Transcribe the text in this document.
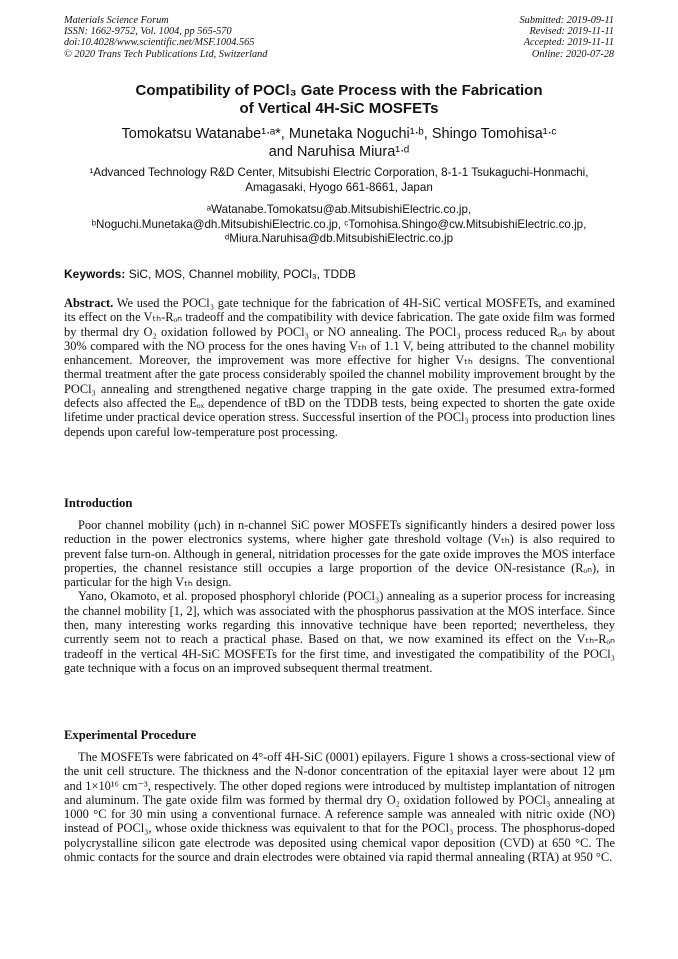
Materials Science Forum
ISSN: 1662-9752, Vol. 1004, pp 565-570
doi:10.4028/www.scientific.net/MSF.1004.565
© 2020 Trans Tech Publications Ltd, Switzerland
Submitted: 2019-09-11
Revised: 2019-11-11
Accepted: 2019-11-11
Online: 2020-07-28
Compatibility of POCl₃ Gate Process with the Fabrication
of Vertical 4H-SiC MOSFETs
Tomokatsu Watanabe¹ᐧᵃ*, Munetaka Noguchi¹ᐧᵇ, Shingo Tomohisa¹ᐧᶜ
and Naruhisa Miura¹ᐧᵈ
¹Advanced Technology R&D Center, Mitsubishi Electric Corporation, 8-1-1 Tsukaguchi-Honmachi,
Amagasaki, Hyogo 661-8661, Japan
ᵃWatanabe.Tomokatsu@ab.MitsubishiElectric.co.jp,
ᵇNoguchi.Munetaka@dh.MitsubishiElectric.co.jp, ᶜTomohisa.Shingo@cw.MitsubishiElectric.co.jp,
ᵈMiura.Naruhisa@db.MitsubishiElectric.co.jp
Keywords: SiC, MOS, Channel mobility, POCl₃, TDDB

Abstract. We used the POCl₃ gate technique for the fabrication of 4H-SiC vertical MOSFETs, and examined its effect on the Vₜₕ-Rₒₙ tradeoff and the compatibility with device fabrication. The gate oxide film was formed by thermal dry O₂ oxidation followed by POCl₃ or NO annealing. The POCl₃ process reduced Rₒₙ by about 30% compared with the NO process for the ones having Vₜₕ of 1.1 V, being attributed to the channel mobility enhancement. Moreover, the improvement was more effective for higher Vₜₕ designs. The conventional thermal treatment after the gate process considerably spoiled the channel mobility improvement brought by the POCl₃ annealing and strengthened negative charge trapping in the gate oxide. The presumed extra-formed defects also affected the Eₒₓ dependence of tBD on the TDDB tests, being expected to shorten the gate oxide lifetime under practical device operation stress. Successful insertion of the POCl₃ process into production lines depends upon careful low-temperature post processing.

Introduction

Poor channel mobility (μch) in n-channel SiC power MOSFETs significantly hinders a desired power loss reduction in the power electronics systems, where higher gate threshold voltage (Vₜₕ) is also required to prevent false turn-on. Although in general, nitridation processes for the gate oxide improves the MOS interface properties, the channel resistance still occupies a large proportion of the device ON-resistance (Rₒₙ), in particular for the high Vₜₕ design.

Yano, Okamoto, et al. proposed phosphoryl chloride (POCl₃) annealing as a superior process for increasing the channel mobility [1, 2], which was associated with the phosphorus passivation at the MOS interface. Since then, many interesting works regarding this innovative technique have been reported; nevertheless, they currently seem not to reach a practical phase. Based on that, we now examined its effect on the Vₜₕ-Rₒₙ tradeoff in the vertical 4H-SiC MOSFETs for the first time, and investigated the compatibility of the POCl₃ gate technique with a focus on an improved subsequent thermal treatment.

Experimental Procedure

The MOSFETs were fabricated on 4°-off 4H-SiC (0001) epilayers. Figure 1 shows a cross-sectional view of the unit cell structure. The thickness and the N-donor concentration of the epitaxial layer were about 12 μm and 1×10¹⁶ cm⁻³, respectively. The other doped regions were introduced by multistep implantation of nitrogen and aluminum. The gate oxide film was formed by thermal dry O₂ oxidation followed by POCl₃ annealing at 1000 °C for 30 min using a conventional furnace. A reference sample was annealed with nitric oxide (NO) instead of POCl₃, whose oxide thickness was equivalent to that for the POCl₃ process. The phosphorus-doped polycrystalline silicon gate electrode was deposited using chemical vapor deposition (CVD) at 650 °C. The ohmic contacts for the source and drain electrodes were obtained via rapid thermal annealing (RTA) at 950 °C.
